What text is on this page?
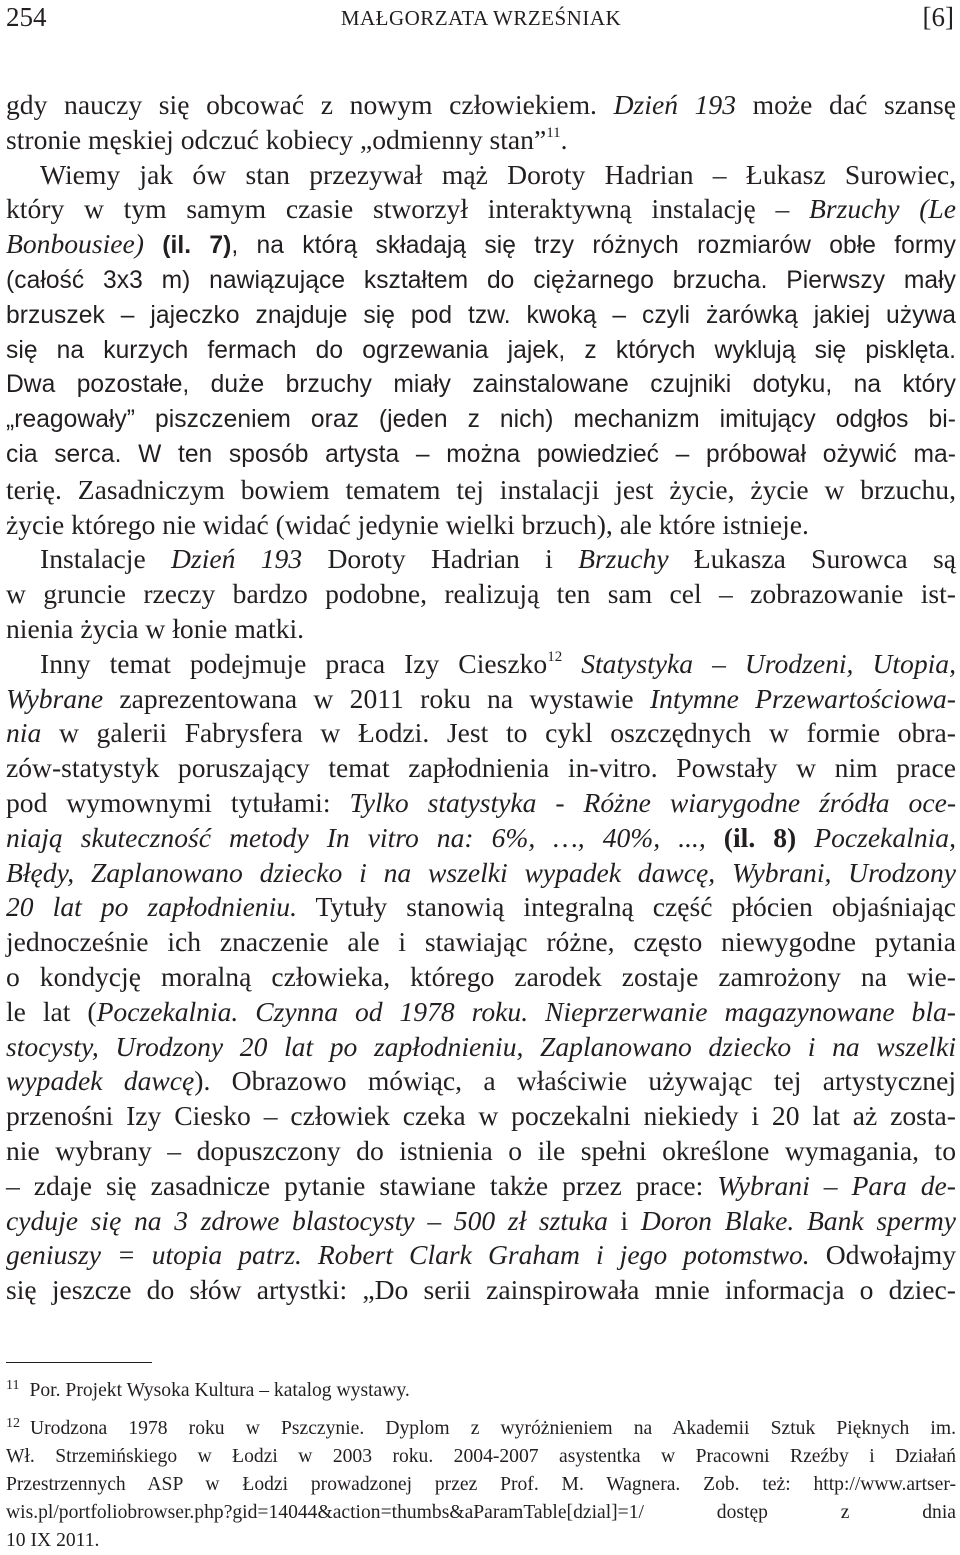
254	MAŁGORZATA WRZEŚNIAK	[6]
gdy nauczy się obcować z nowym człowiekiem. Dzień 193 może dać szansę
stronie męskiej odczuć kobiecy „odmienny stan”$^{11}$.
Wiemy jak ów stan przezywał mąż Doroty Hadrian – Łukasz Surowiec,
który w tym samym czasie stworzył interaktywną instalację – Brzuchy (Le
Bonbousiee) (il. 7), na którą składają się trzy różnych rozmiarów obłe formy
(całość 3x3 m) nawiązujące kształtem do ciężarnego brzucha. Pierwszy mały
brzuszek – jajeczko znajduje się pod tzw. kwoką – czyli żarówką jakiej używa
się na kurzych fermach do ogrzewania jajek, z których wyklują się pisklęta.
Dwa pozostałe, duże brzuchy miały zainstalowane czujniki dotyku, na który
„reagowały” piszczeniem oraz (jeden z nich) mechanizm imitujący odgłos bi-
cia serca. W ten sposób artysta – można powiedzieć – próbował ożywić ma-
terię. Zasadniczym bowiem tematem tej instalacji jest życie, życie w brzuchu,
życie którego nie widać (widać jedynie wielki brzuch), ale które istnieje.
Instalacje Dzień 193 Doroty Hadrian i Brzuchy Łukasza Surowca są
w gruncie rzeczy bardzo podobne, realizują ten sam cel – zobrazowanie ist-
nienia życia w łonie matki.
Inny temat podejmuje praca Izy Cieszko$^{12}$ Statystyka – Urodzeni, Utopia,
Wybrane zaprezentowana w 2011 roku na wystawie Intymne Przewartościowa-
nia w galerii Fabrysfera w Łodzi. Jest to cykl oszczędnych w formie obra-
zów-statystyk poruszający temat zapłodnienia in-vitro. Powstały w nim prace
pod wymownymi tytułami: Tylko statystyka - Różne wiarygodne źródła oce-
niają skuteczność metody In vitro na: 6%, …, 40%, ..., (il. 8) Poczekalnia,
Błędy, Zaplanowano dziecko i na wszelki wypadek dawcę, Wybrani, Urodzony
20 lat po zapłodnieniu. Tytuły stanowią integralną część płócien objaśniając
jednocześnie ich znaczenie ale i stawiając różne, często niewygodne pytania
o kondycję moralną człowieka, którego zarodek zostaje zamrożony na wie-
le lat (Poczekalnia. Czynna od 1978 roku. Nieprzerwanie magazynowane bla-
stocysty, Urodzony 20 lat po zapłodnieniu, Zaplanowano dziecko i na wszelki
wypadek dawcę). Obrazowo mówiąc, a właściwie używając tej artystycznej
przenośni Izy Ciesko – człowiek czeka w poczekalni niekiedy i 20 lat aż zosta-
nie wybrany – dopuszczony do istnienia o ile spełni określone wymagania, to
– zdaje się zasadnicze pytanie stawiane także przez prace: Wybrani – Para de-
cyduje się na 3 zdrowe blastocysty – 500 zł sztuka i Doron Blake. Bank spermy
geniuszy = utopia patrz. Robert Clark Graham i jego potomstwo. Odwołajmy
się jeszcze do słów artystki: „Do serii zainspirowała mnie informacja o dziec-
$^{11}$ Por. Projekt Wysoka Kultura – katalog wystawy.
$^{12}$ Urodzona 1978 roku w Pszczynie. Dyplom z wyróżnieniem na Akademii Sztuk Pięknych im.
Wł. Strzemińskiego w Łodzi w 2003 roku. 2004-2007 asystentka w Pracowni Rzeźby i Działań
Przestrzennych ASP w Łodzi prowadzonej przez Prof. M. Wagnera. Zob. też: http://www.artser-
wis.pl/portfoliobrowser.php?gid=14044&action=thumbs&aParamTable[dzial]=1/ dostęp z dnia
10 IX 2011.
